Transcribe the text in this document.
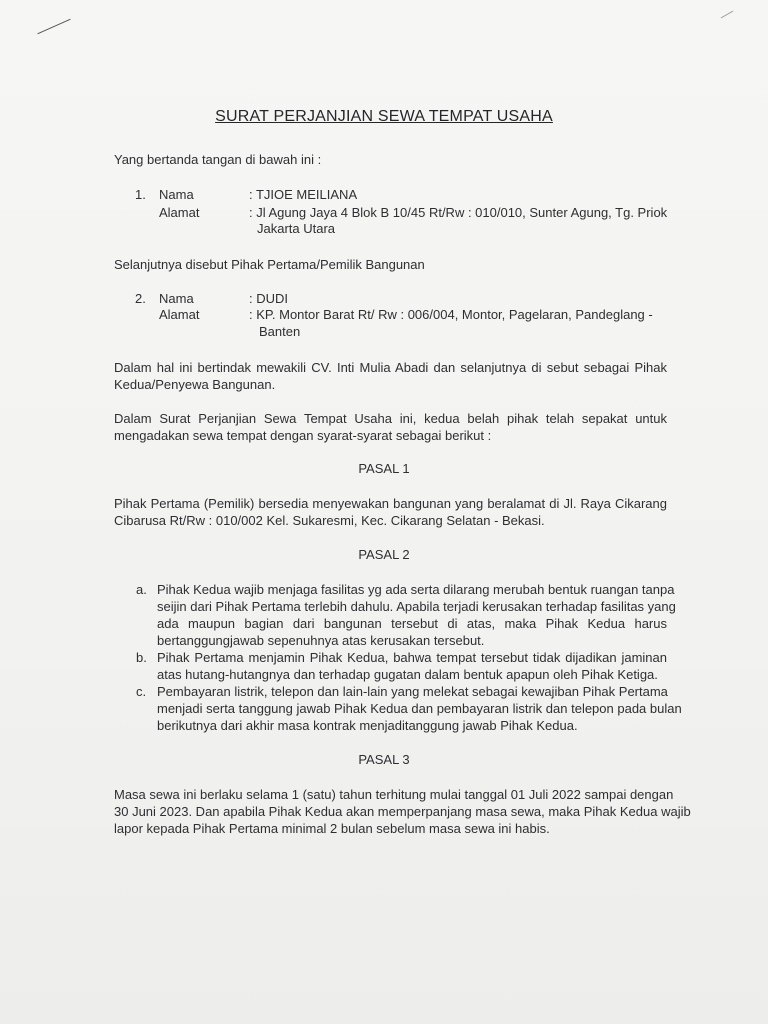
SURAT PERJANJIAN SEWA TEMPAT USAHA
Yang bertanda tangan di bawah ini :
1. Nama	: TJIOE MEILIANA
Alamat	: Jl Agung Jaya 4 Blok B 10/45 Rt/Rw : 010/010, Sunter Agung, Tg. Priok
Jakarta Utara
Selanjutnya disebut Pihak Pertama/Pemilik Bangunan
2. Nama	: DUDI
Alamat	: KP. Montor Barat Rt/ Rw : 006/004, Montor, Pagelaran, Pandeglang -
Banten
Dalam hal ini bertindak mewakili CV. Inti Mulia Abadi dan selanjutnya di sebut sebagai Pihak
Kedua/Penyewa Bangunan.
Dalam Surat Perjanjian Sewa Tempat Usaha ini, kedua belah pihak telah sepakat untuk
mengadakan sewa tempat dengan syarat-syarat sebagai berikut :
PASAL 1
Pihak Pertama (Pemilik) bersedia menyewakan bangunan yang beralamat di Jl. Raya Cikarang
Cibarusa Rt/Rw : 010/002 Kel. Sukaresmi, Kec. Cikarang Selatan - Bekasi.
PASAL 2
a. Pihak Kedua wajib menjaga fasilitas yg ada serta dilarang merubah bentuk ruangan tanpa
seijin dari Pihak Pertama terlebih dahulu. Apabila terjadi kerusakan terhadap fasilitas yang
ada maupun bagian dari bangunan tersebut di atas, maka Pihak Kedua harus
bertanggungjawab sepenuhnya atas kerusakan tersebut.
b. Pihak Pertama menjamin Pihak Kedua, bahwa tempat tersebut tidak dijadikan jaminan
atas hutang-hutangnya dan terhadap gugatan dalam bentuk apapun oleh Pihak Ketiga.
c. Pembayaran listrik, telepon dan lain-lain yang melekat sebagai kewajiban Pihak Pertama
menjadi serta tanggung jawab Pihak Kedua dan pembayaran listrik dan telepon pada bulan
berikutnya dari akhir masa kontrak menjaditanggung jawab Pihak Kedua.
PASAL 3
Masa sewa ini berlaku selama 1 (satu) tahun terhitung mulai tanggal 01 Juli 2022 sampai dengan
30 Juni 2023. Dan apabila Pihak Kedua akan memperpanjang masa sewa, maka Pihak Kedua wajib
lapor kepada Pihak Pertama minimal 2 bulan sebelum masa sewa ini habis.
